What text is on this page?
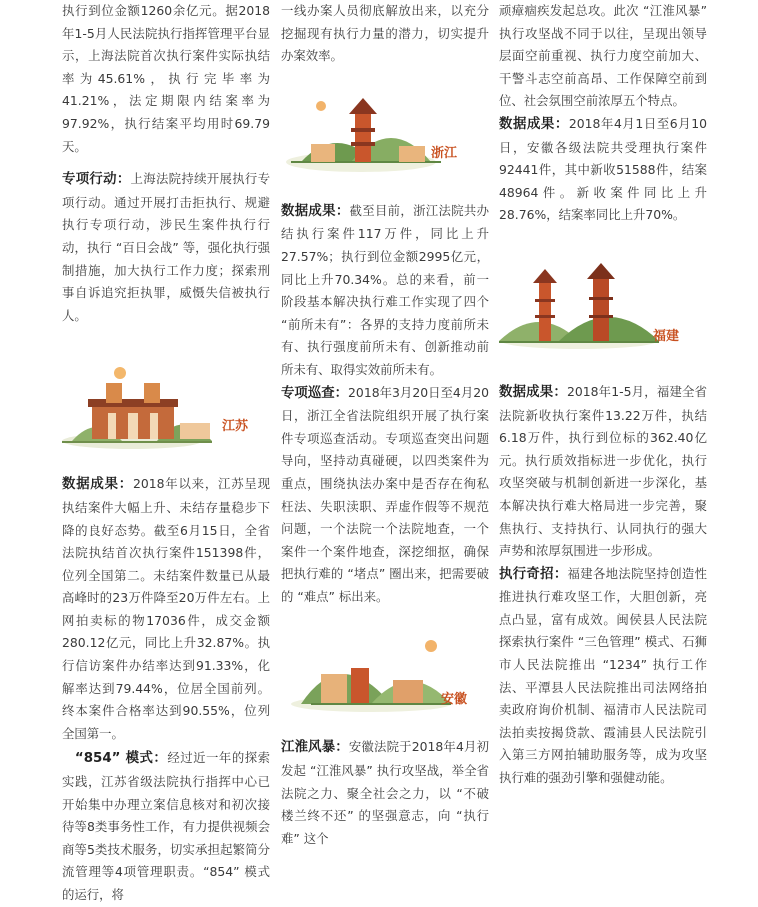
执行到位金额1260余亿元。据2018年1-5月人民法院执行指挥管理平台显示，上海法院首次执行案件实际执结率为45.61%，执行完毕率为41.21%，法定期限内结案率为97.92%，执行结案平均用时69.79天。

专项行动：上海法院持续开展执行专项行动。通过开展打击拒执行、规避执行专项行动，涉民生案件执行行动，执行 “百日会战” 等，强化执行强制措施，加大执行工作力度；探索刑事自诉追究拒执罪，威慑失信被执行人。

江苏

数据成果：2018年以来，江苏呈现执结案件大幅上升、未结存量稳步下降的良好态势。截至6月15日，全省法院执结首次执行案件151398件，位列全国第二。未结案件数量已从最高峰时的23万件降至20万件左右。上网拍卖标的物17036件，成交金额280.12亿元，同比上升32.87%。执行信访案件办结率达到91.33%，化解率达到79.44%，位居全国前列。终本案件合格率达到90.55%，位列全国第一。

　“854” 模式：经过近一年的探索实践，江苏省级法院执行指挥中心已开始集中办理立案信息核对和初次接待等8类事务性工作，有力提供视频会商等5类技术服务，切实承担起繁简分流管理等4项管理职责。“854” 模式的运行，将

一线办案人员彻底解放出来，以充分挖掘现有执行力量的潜力，切实提升办案效率。

浙江

数据成果：截至目前，浙江法院共办结执行案件117万件，同比上升27.57%；执行到位金额2995亿元，同比上升70.34%。总的来看，前一阶段基本解决执行难工作实现了四个 “前所未有”：各界的支持力度前所未有、执行强度前所未有、创新推动前所未有、取得实效前所未有。

专项巡查：2018年3月20日至4月20日，浙江全省法院组织开展了执行案件专项巡查活动。专项巡查突出问题导向，坚持动真碰硬，以四类案件为重点，围绕执法办案中是否存在徇私枉法、失职渎职、弄虚作假等不规范问题，一个法院一个法院地查，一个案件一个案件地查，深挖细抠，确保把执行难的 “堵点” 圈出来，把需要破的 “难点” 标出来。

安徽

江淮风暴：安徽法院于2018年4月初发起 “江淮风暴” 执行攻坚战，举全省法院之力、聚全社会之力，以 “不破楼兰终不还” 的坚强意志，向 “执行难” 这个

顽瘴痼疾发起总攻。此次 “江淮风暴” 执行攻坚战不同于以往，呈现出领导层面空前重视、执行力度空前加大、干警斗志空前高昂、工作保障空前到位、社会氛围空前浓厚五个特点。

数据成果：2018年4月1日至6月10日，安徽各级法院共受理执行案件92441件，其中新收51588件，结案48964件。新收案件同比上升28.76%，结案率同比上升70%。

福建

数据成果：2018年1-5月，福建全省法院新收执行案件13.22万件，执结6.18万件，执行到位标的362.40亿元。执行质效指标进一步优化，执行攻坚突破与机制创新进一步深化，基本解决执行难大格局进一步完善，聚焦执行、支持执行、认同执行的强大声势和浓厚氛围进一步形成。

执行奇招：福建各地法院坚持创造性推进执行难攻坚工作，大胆创新，亮点凸显，富有成效。闽侯县人民法院探索执行案件 “三色管理” 模式、石狮市人民法院推出 “1234” 执行工作法、平潭县人民法院推出司法网络拍卖政府询价机制、福清市人民法院司法拍卖按揭贷款、霞浦县人民法院引入第三方网拍辅助服务等，成为攻坚执行难的强劲引擎和强健动能。
